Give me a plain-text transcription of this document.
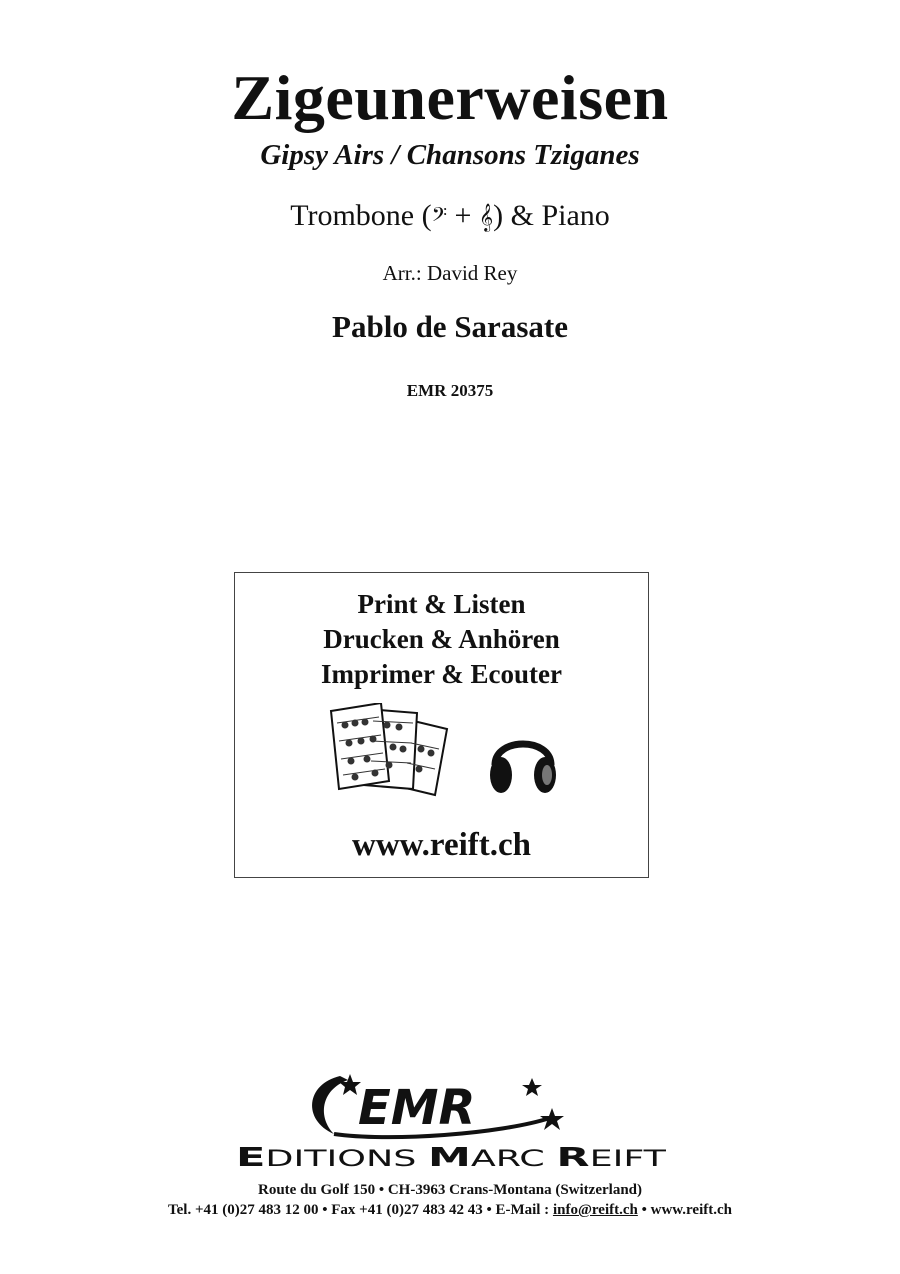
Zigeunerweisen
Gipsy Airs / Chansons Tziganes
Trombone (𝄢 + 𝄞) & Piano
Arr.: David Rey
Pablo de Sarasate
EMR 20375
Print & Listen
Drucken & Anhören
Imprimer & Ecouter
www.reift.ch
EMR
E DITIONS	M ARC R EIFT
Route du Golf 150 • CH-3963 Crans-Montana (Switzerland)
Tel. +41 (0)27 483 12 00 • Fax +41 (0)27 483 42 43 • E-Mail : info@reift.ch • www.reift.ch
